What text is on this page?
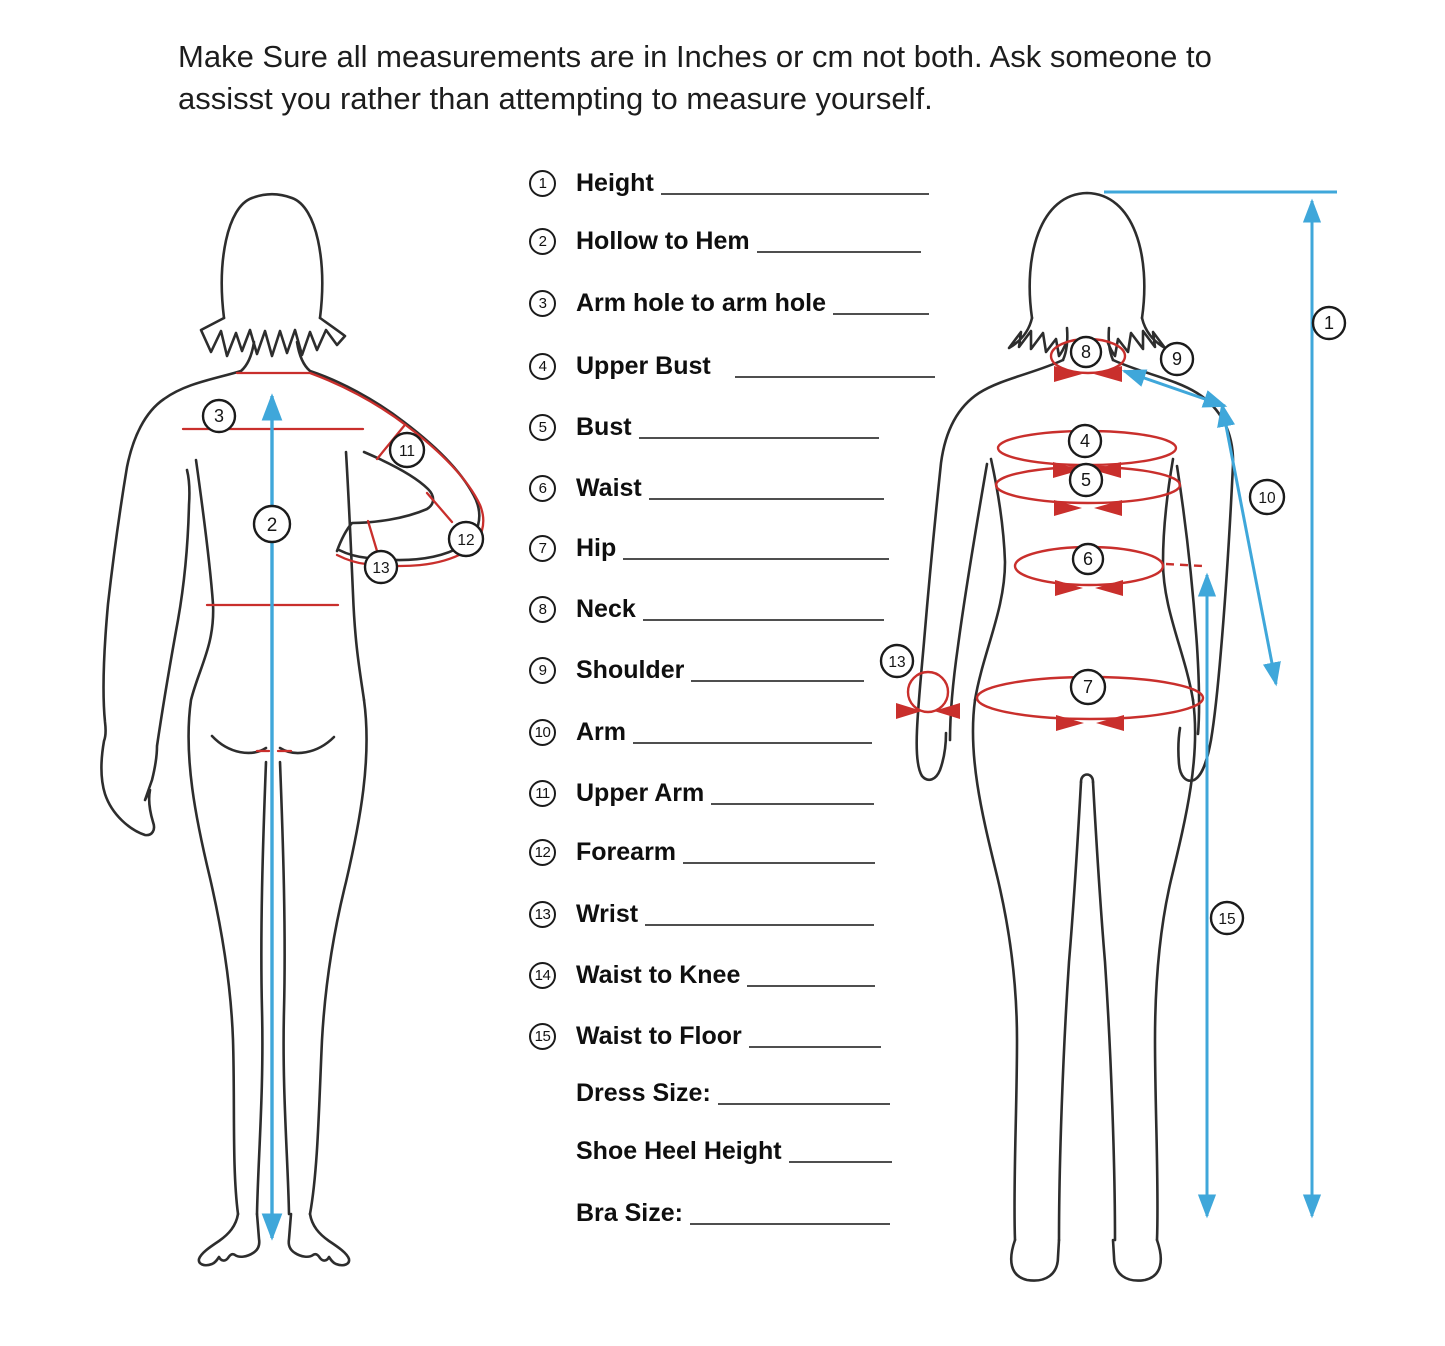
Make Sure all measurements are in Inches or cm not both. Ask someone to
assisst you rather than attempting to measure yourself.
1	Height
2	Hollow to Hem
3	Arm hole to arm hole
4	Upper Bust
5	Bust
6	Waist
7	Hip
8	Neck
9	Shoulder
10 Arm
11 Upper Arm
12 Forearm
13 Wrist
14 Waist to Knee
15 Waist to Floor
Dress Size:
Shoe Heel Height
Bra Size:
3
2
11
12
13
8	9
1
4
5
10
6
13
7
15
